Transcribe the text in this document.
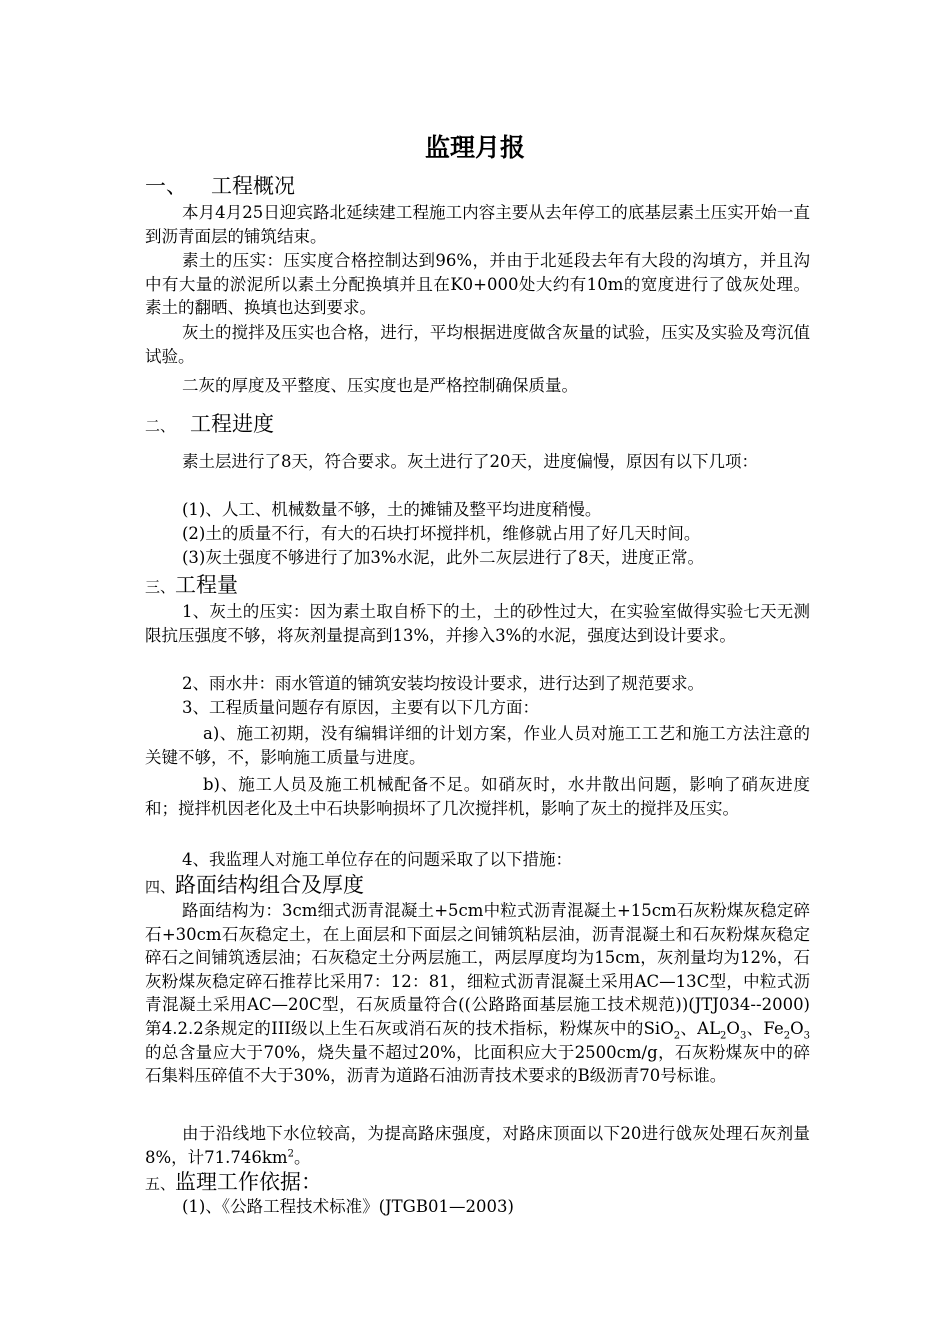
监理月报
一、 工程概况
本月4月25日迎宾路北延续建工程施工内容主要从去年停工的底基层素土压实开始一直到沥青面层的铺筑结束。
素土的压实：压实度合格控制达到96%，并由于北延段去年有大段的沟填方，并且沟中有大量的淤泥所以素土分配换填并且在K0+000处大约有10m的宽度进行了戗灰处理。素土的翻晒、换填也达到要求。
灰土的搅拌及压实也合格，进行，平均根据进度做含灰量的试验，压实及实验及弯沉值试验。
二灰的厚度及平整度、压实度也是严格控制确保质量。
二、 工程进度
素土层进行了8天，符合要求。灰土进行了20天，进度偏慢，原因有以下几项：
(1)、人工、机械数量不够，土的摊铺及整平均进度稍慢。
(2)土的质量不行，有大的石块打坏搅拌机，维修就占用了好几天时间。
(3)灰土强度不够进行了加3%水泥，此外二灰层进行了8天，进度正常。
三、工程量
1、灰土的压实：因为素土取自桥下的土，土的砂性过大，在实验室做得实验七天无测限抗压强度不够，将灰剂量提高到13%，并掺入3%的水泥，强度达到设计要求。
2、雨水井：雨水管道的铺筑安装均按设计要求，进行达到了规范要求。
3、工程质量问题存有原因，主要有以下几方面：
a)、施工初期，没有编辑详细的计划方案，作业人员对施工工艺和施工方法注意的关键不够，不，影响施工质量与进度。
b)、施工人员及施工机械配备不足。如硝灰时，水井散出问题，影响了硝灰进度和；搅拌机因老化及土中石块影响损坏了几次搅拌机，影响了灰土的搅拌及压实。
4、我监理人对施工单位存在的问题采取了以下措施：
四、路面结构组合及厚度
路面结构为：3cm细式沥青混凝土+5cm中粒式沥青混凝土+15cm石灰粉煤灰稳定碎石+30cm石灰稳定土，在上面层和下面层之间铺筑粘层油，沥青混凝土和石灰粉煤灰稳定碎石之间铺筑透层油；石灰稳定土分两层施工，两层厚度均为15cm，灰剂量均为12%，石灰粉煤灰稳定碎石推荐比采用7：12：81，细粒式沥青混凝土采用AC—13C型，中粒式沥青混凝土采用AC—20C型，石灰质量符合((公路路面基层施工技术规范))(JTJ034--2000)第4.2.2条规定的III级以上生石灰或消石灰的技术指标，粉煤灰中的SiO$_2$、$AL_2O_3$、$Fe_2O_3$的总含量应大于70%，烧失量不超过20%，比面积应大于2500cm/g，石灰粉煤灰中的碎石集料压碎值不大于30%，沥青为道路石油沥青技术要求的B级沥青70号标谁。
由于沿线地下水位较高，为提高路床强度，对路床顶面以下20进行戗灰处理石灰剂量8%，计$71.746km^2$。
五、监理工作依据：
(1)、《公路工程技术标准》(JTGB01—2003)
